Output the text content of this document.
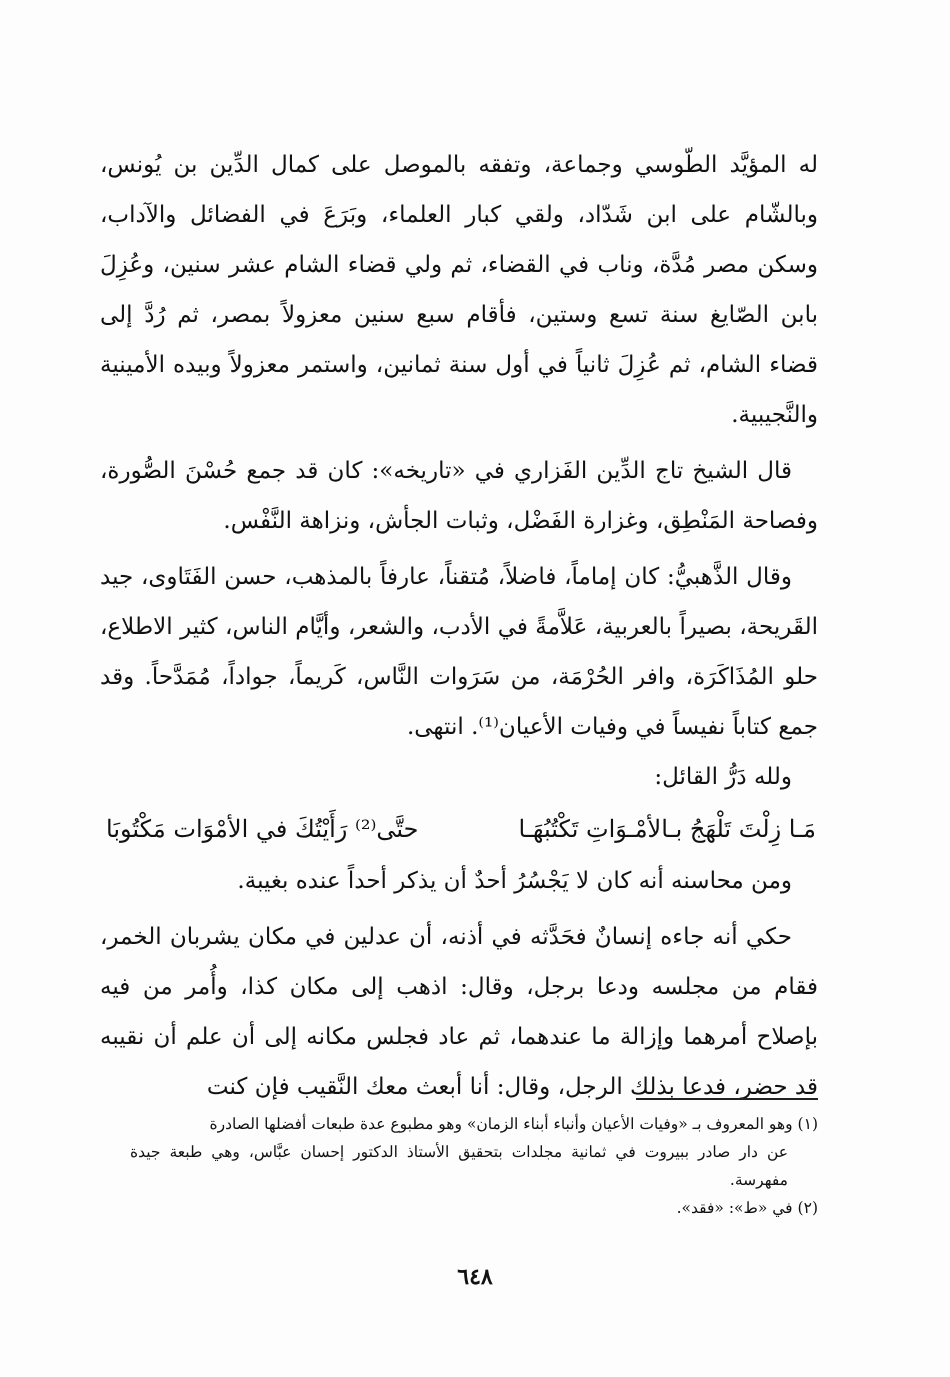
له المؤيَّد الطّوسي وجماعة، وتفقه بالموصل على كمال الدِّين بن يُونس، وبالشّام على ابن شَدّاد، ولقي كبار العلماء، وبَرَعَ في الفضائل والآداب، وسكن مصر مُدَّة، وناب في القضاء، ثم ولي قضاء الشام عشر سنين، وعُزِلَ بابن الصّايغ سنة تسع وستين، فأقام سبع سنين معزولاً بمصر، ثم رُدَّ إلى قضاء الشام، ثم عُزِلَ ثانياً في أول سنة ثمانين، واستمر معزولاً وبيده الأمينية والنَّجيبية.

قال الشيخ تاج الدِّين الفَزاري في «تاريخه»: كان قد جمع حُسْنَ الصُّورة، وفصاحة المَنْطِق، وغزارة الفَضْل، وثبات الجأش، ونزاهة النَّفْس.

وقال الذَّهبيُّ: كان إماماً، فاضلاً، مُتقناً، عارفاً بالمذهب، حسن الفَتَاوى، جيد القَريحة، بصيراً بالعربية، عَلاَّمةً في الأدب، والشعر، وأيَّام الناس، كثير الاطلاع، حلو المُذَاكَرَة، وافر الحُرْمَة، من سَرَوات النَّاس، كَريماً، جواداً، مُمَدَّحاً. وقد جمع كتاباً نفيساً في وفيات الأعيان⁽¹⁾. انتهى.

ولله دَرُّ القائل:

مَـا زِلْتَ تَلْهَجُ بـالأمْـوَاتِ تَكْتُبُهَـا
حتَّى⁽²⁾ رَأَيْتُكَ في الأمْوَات مَكْتُوبَا

ومن محاسنه أنه كان لا يَجْسُرُ أحدٌ أن يذكر أحداً عنده بغيبة.

حكي أنه جاءه إنسانٌ فحَدَّثه في أذنه، أن عدلين في مكان يشربان الخمر، فقام من مجلسه ودعا برجل، وقال: اذهب إلى مكان كذا، وأُمر من فيه بإصلاح أمرهما وإزالة ما عندهما، ثم عاد فجلس مكانه إلى أن علم أن نقيبه قد حضر، فدعا بذلك الرجل، وقال: أنا أبعث معك النَّقيب فإن كنت

(١) وهو المعروف بـ «وفيات الأعيان وأنباء أبناء الزمان» وهو مطبوع عدة طبعات أفضلها الصادرة
عن دار صادر ببيروت في ثمانية مجلدات بتحقيق الأستاذ الدكتور إحسان عبَّاس، وهي طبعة جيدة مفهرسة.

(٢) في «ط»: «فقد».

٦٤٨
